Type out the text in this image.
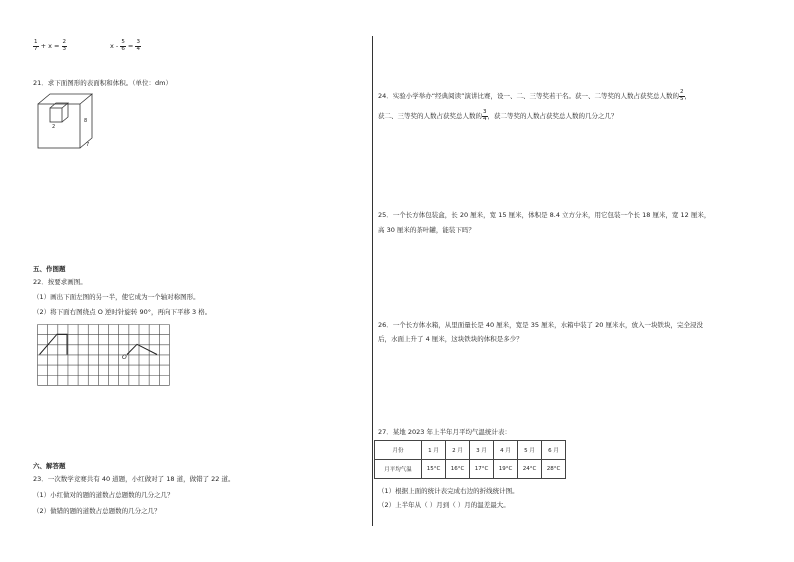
$\frac{1}{7} + x = \frac{2}{3}$	$x - \frac{5}{6} = \frac{3}{4}$
21．求下面图形的表面积和体积。（单位：dm）
2
8
7
五、作图题
22．按要求画图。
（1）画出下面左图的另一半，使它成为一个轴对称图形。
（2）将下面右图绕点 O 逆时针旋转 90°，再向下平移 3 格。
O
六、解答题
23．一次数学竞赛共有 40 道题，小红做对了 18 道，做错了 22 道。
（1）小红做对的题的道数占总题数的几分之几？
（2）做错的题的道数占总题数的几分之几？
24．实验小学举办“经典阅读”演讲比赛，设一、二、三等奖若干名。获一、二等奖的人数占获奖总人数的 $\frac{2}{5}$ ，
获二、三等奖的人数占获奖总人数的 $\frac{3}{4}$ ，获二等奖的人数占获奖总人数的几分之几？
25．一个长方体包装盒，长 20 厘米，宽 15 厘米，体积是 8.4 立方分米，用它包装一个长 18 厘米，宽 12 厘米，
高 30 厘米的茶叶罐，能装下吗？
26．一个长方体水箱，从里面量长是 40 厘米，宽是 35 厘米，水箱中装了 20 厘米水，放入一块铁块，完全浸没
后，水面上升了 4 厘米，这块铁块的体积是多少？
27．某地 2023 年上半年月平均气温统计表：
月份	1 月	2 月	3 月	4 月	5 月	6 月
月平均气温	15°C	16°C	17°C	19°C	24°C	28°C
（1）根据上面的统计表完成右边的折线统计图。
（2）上半年从（ ）月到（ ）月的温差最大。
